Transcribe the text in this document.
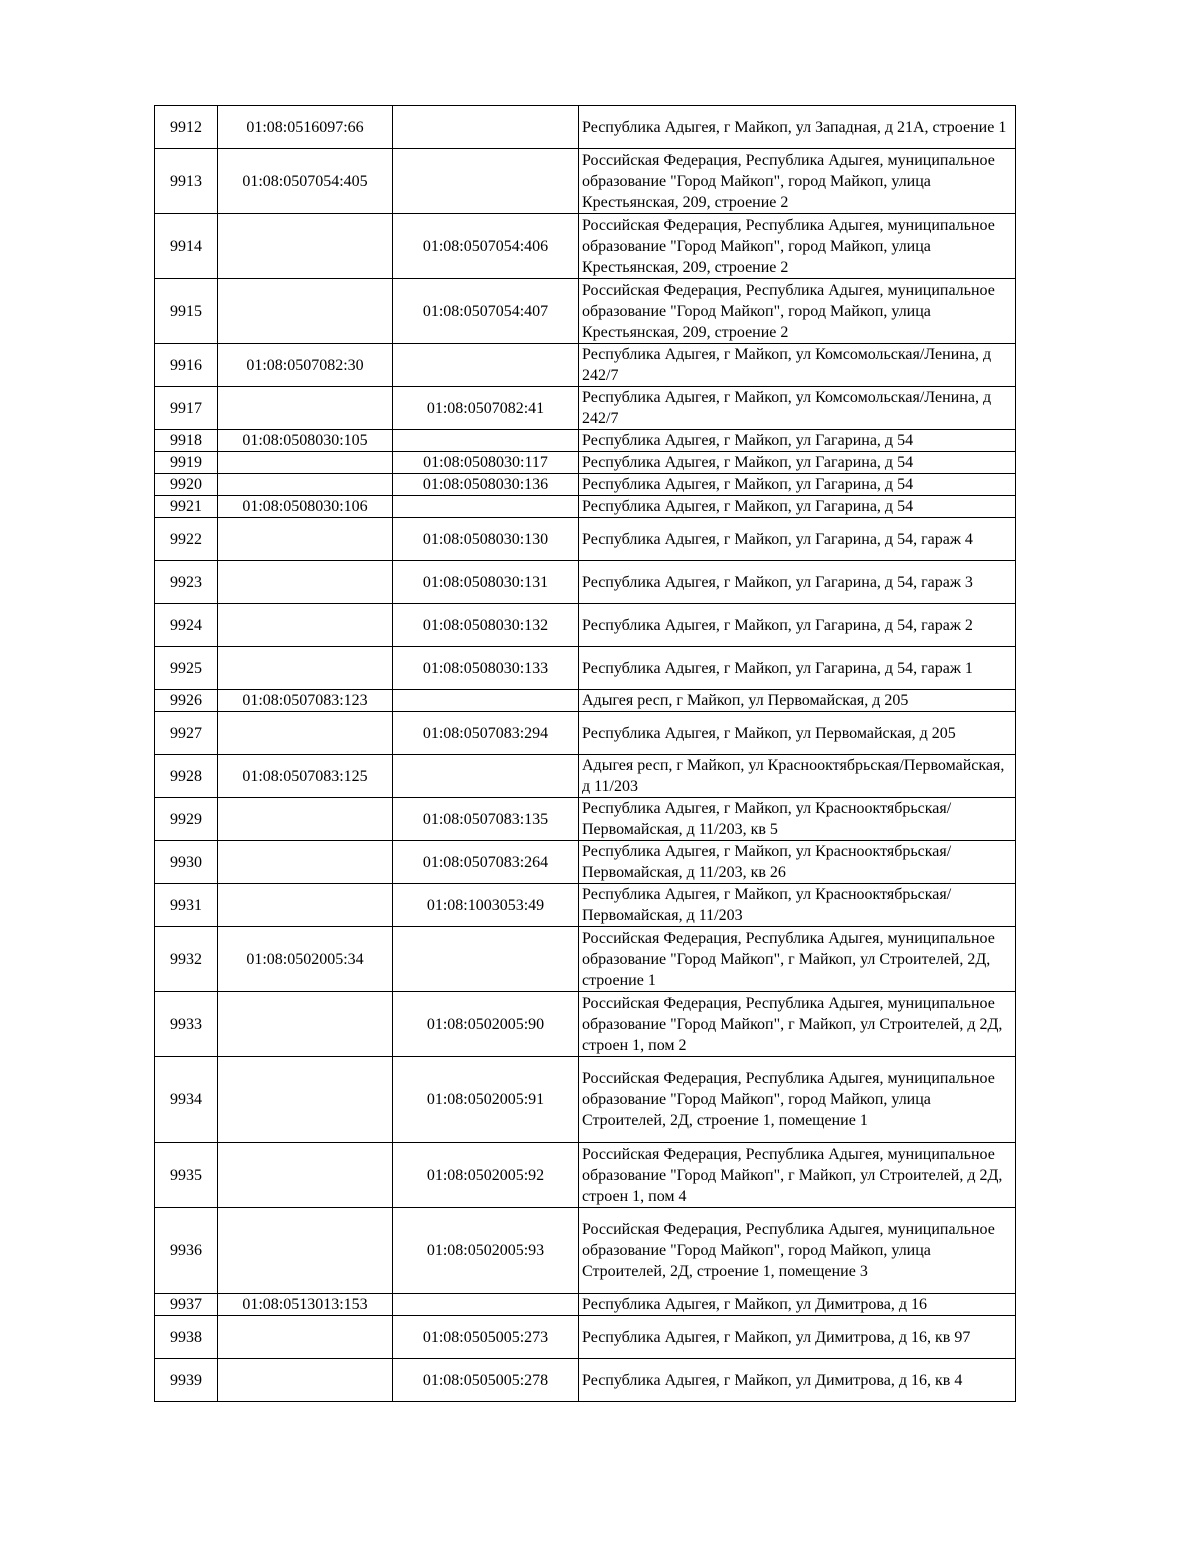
9912	01:08:0516097:66		Республика Адыгея, г Майкоп, ул Западная, д 21А, строение 1
9913	01:08:0507054:405		Российская Федерация, Республика Адыгея, муниципальное образование "Город Майкоп", город Майкоп, улица Крестьянская, 209, строение 2
9914		01:08:0507054:406	Российская Федерация, Республика Адыгея, муниципальное образование "Город Майкоп", город Майкоп, улица Крестьянская, 209, строение 2
9915		01:08:0507054:407	Российская Федерация, Республика Адыгея, муниципальное образование "Город Майкоп", город Майкоп, улица Крестьянская, 209, строение 2
9916	01:08:0507082:30		Республика Адыгея, г Майкоп, ул Комсомольская/Ленина, д 242/7
9917		01:08:0507082:41	Республика Адыгея, г Майкоп, ул Комсомольская/Ленина, д 242/7
9918	01:08:0508030:105		Республика Адыгея, г Майкоп, ул Гагарина, д 54
9919		01:08:0508030:117	Республика Адыгея, г Майкоп, ул Гагарина, д 54
9920		01:08:0508030:136	Республика Адыгея, г Майкоп, ул Гагарина, д 54
9921	01:08:0508030:106		Республика Адыгея, г Майкоп, ул Гагарина, д 54
9922		01:08:0508030:130	Республика Адыгея, г Майкоп, ул Гагарина, д 54, гараж 4
9923		01:08:0508030:131	Республика Адыгея, г Майкоп, ул Гагарина, д 54, гараж 3
9924		01:08:0508030:132	Республика Адыгея, г Майкоп, ул Гагарина, д 54, гараж 2
9925		01:08:0508030:133	Республика Адыгея, г Майкоп, ул Гагарина, д 54, гараж 1
9926	01:08:0507083:123		Адыгея респ, г Майкоп, ул Первомайская, д 205
9927		01:08:0507083:294	Республика Адыгея, г Майкоп, ул Первомайская, д 205
9928	01:08:0507083:125		Адыгея респ, г Майкоп, ул Краснооктябрьская/Первомайская, д 11/203
9929		01:08:0507083:135	Республика Адыгея, г Майкоп, ул Краснооктябрьская/Первомайская, д 11/203, кв 5
9930		01:08:0507083:264	Республика Адыгея, г Майкоп, ул Краснооктябрьская/Первомайская, д 11/203, кв 26
9931		01:08:1003053:49	Республика Адыгея, г Майкоп, ул Краснооктябрьская/Первомайская, д 11/203
9932	01:08:0502005:34		Российская Федерация, Республика Адыгея, муниципальное образование "Город Майкоп", г Майкоп, ул Строителей, 2Д, строение 1
9933		01:08:0502005:90	Российская Федерация, Республика Адыгея, муниципальное образование "Город Майкоп", г Майкоп, ул Строителей, д 2Д, строен 1, пом 2
9934		01:08:0502005:91	Российская Федерация, Республика Адыгея, муниципальное образование "Город Майкоп", город Майкоп, улица Строителей, 2Д, строение 1, помещение 1
9935		01:08:0502005:92	Российская Федерация, Республика Адыгея, муниципальное образование "Город Майкоп", г Майкоп, ул Строителей, д 2Д, строен 1, пом 4
9936		01:08:0502005:93	Российская Федерация, Республика Адыгея, муниципальное образование "Город Майкоп", город Майкоп, улица Строителей, 2Д, строение 1, помещение 3
9937	01:08:0513013:153		Республика Адыгея, г Майкоп, ул Димитрова, д 16
9938		01:08:0505005:273	Республика Адыгея, г Майкоп, ул Димитрова, д 16, кв 97
9939		01:08:0505005:278	Республика Адыгея, г Майкоп, ул Димитрова, д 16, кв 4
